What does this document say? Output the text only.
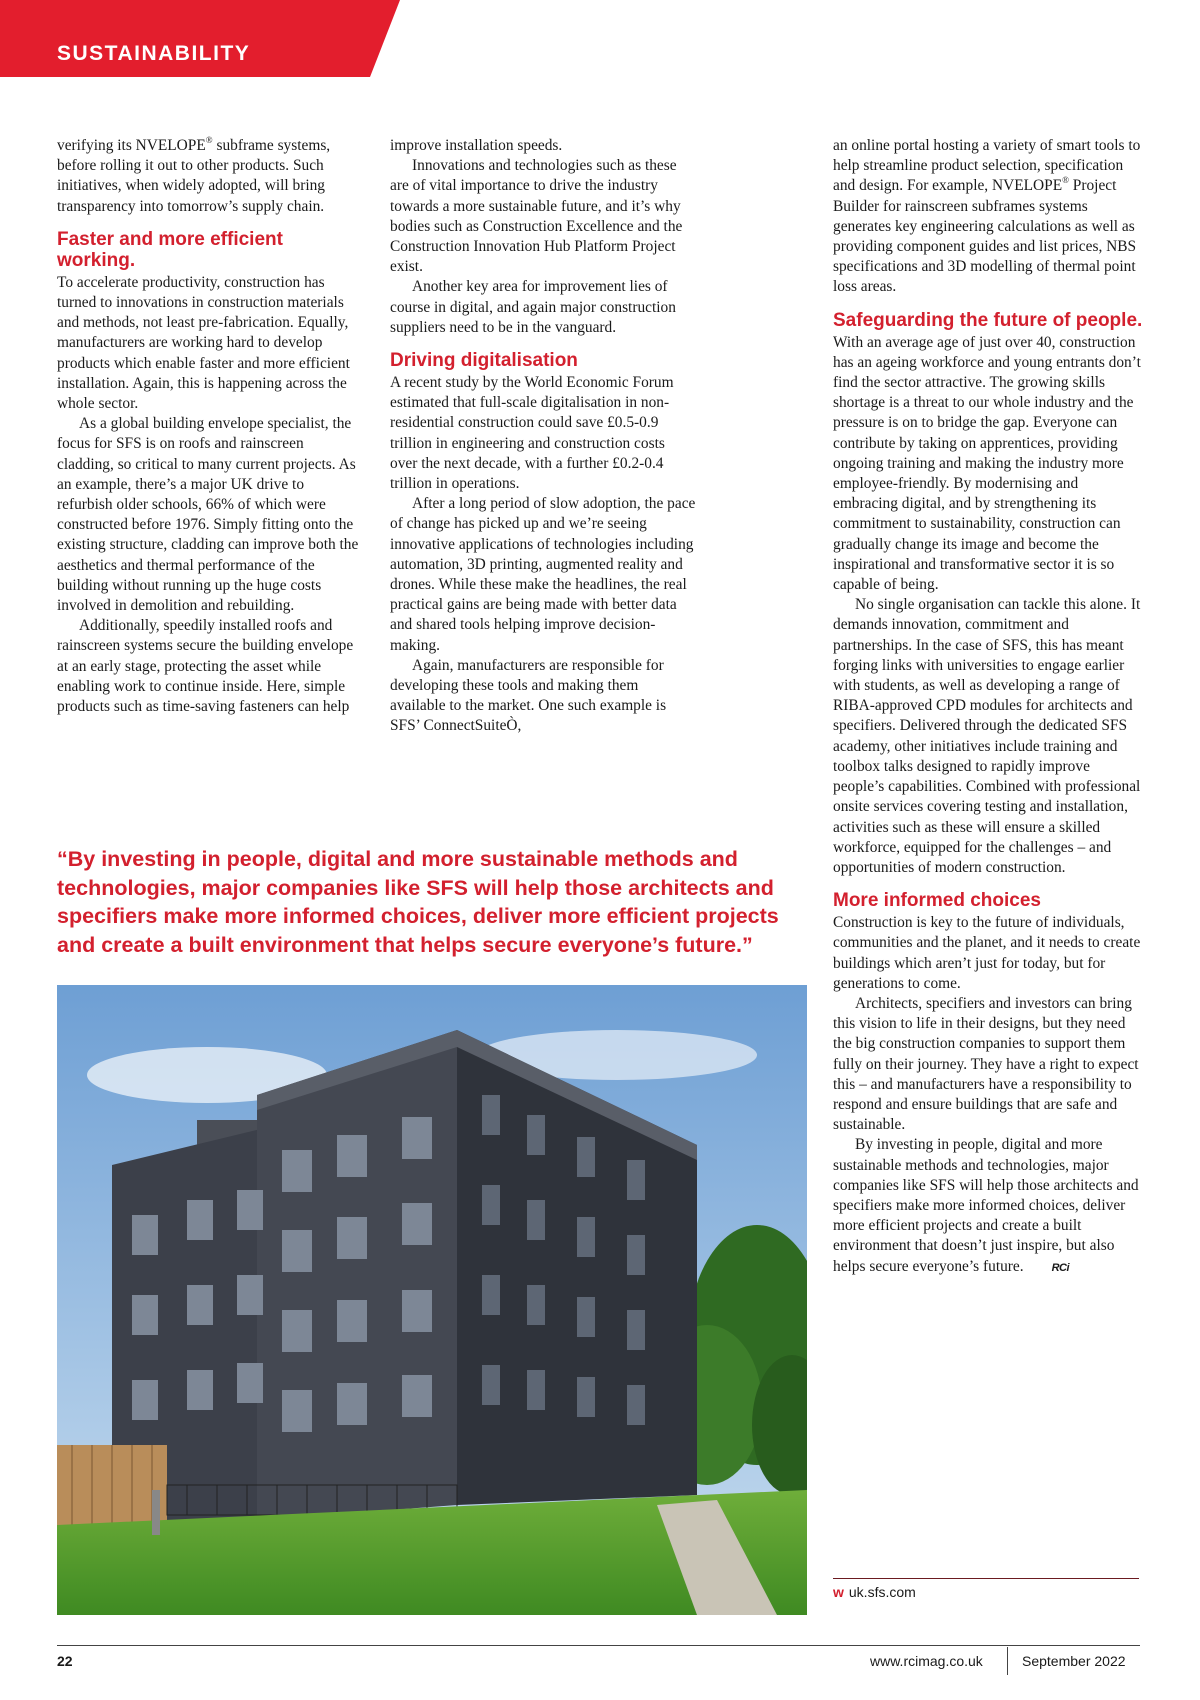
SUSTAINABILITY

verifying its NVELOPE® subframe systems, before rolling it out to other products. Such initiatives, when widely adopted, will bring transparency into tomorrow’s supply chain.

Faster and more efficient working.

To accelerate productivity, construction has turned to innovations in construction materials and methods, not least pre-fabrication. Equally, manufacturers are working hard to develop products which enable faster and more efficient installation. Again, this is happening across the whole sector.

As a global building envelope specialist, the focus for SFS is on roofs and rainscreen cladding, so critical to many current projects. As an example, there’s a major UK drive to refurbish older schools, 66% of which were constructed before 1976. Simply fitting onto the existing structure, cladding can improve both the aesthetics and thermal performance of the building without running up the huge costs involved in demolition and rebuilding.

Additionally, speedily installed roofs and rainscreen systems secure the building envelope at an early stage, protecting the asset while enabling work to continue inside. Here, simple products such as time-saving fasteners can help

improve installation speeds.

Innovations and technologies such as these are of vital importance to drive the industry towards a more sustainable future, and it’s why bodies such as Construction Excellence and the Construction Innovation Hub Platform Project exist.

Another key area for improvement lies of course in digital, and again major construction suppliers need to be in the vanguard.

Driving digitalisation

A recent study by the World Economic Forum estimated that full-scale digitalisation in non-residential construction could save £0.5-0.9 trillion in engineering and construction costs over the next decade, with a further £0.2-0.4 trillion in operations.

After a long period of slow adoption, the pace of change has picked up and we’re seeing innovative applications of technologies including automation, 3D printing, augmented reality and drones. While these make the headlines, the real practical gains are being made with better data and shared tools helping improve decision-making.

Again, manufacturers are responsible for developing these tools and making them available to the market. One such example is SFS’ ConnectSuiteÒ,

an online portal hosting a variety of smart tools to help streamline product selection, specification and design. For example, NVELOPE® Project Builder for rainscreen subframes systems generates key engineering calculations as well as providing component guides and list prices, NBS specifications and 3D modelling of thermal point loss areas.

Safeguarding the future of people.

With an average age of just over 40, construction has an ageing workforce and young entrants don’t find the sector attractive. The growing skills shortage is a threat to our whole industry and the pressure is on to bridge the gap. Everyone can contribute by taking on apprentices, providing ongoing training and making the industry more employee-friendly. By modernising and embracing digital, and by strengthening its commitment to sustainability, construction can gradually change its image and become the inspirational and transformative sector it is so capable of being.

No single organisation can tackle this alone. It demands innovation, commitment and partnerships. In the case of SFS, this has meant forging links with universities to engage earlier with students, as well as developing a range of RIBA-approved CPD modules for architects and specifiers. Delivered through the dedicated SFS academy, other initiatives include training and toolbox talks designed to rapidly improve people’s capabilities. Combined with professional onsite services covering testing and installation, activities such as these will ensure a skilled workforce, equipped for the challenges – and opportunities of modern construction.

More informed choices

Construction is key to the future of individuals, communities and the planet, and it needs to create buildings which aren’t just for today, but for generations to come.

Architects, specifiers and investors can bring this vision to life in their designs, but they need the big construction companies to support them fully on their journey. They have a right to expect this – and manufacturers have a responsibility to respond and ensure buildings that are safe and sustainable.

By investing in people, digital and more sustainable methods and technologies, major companies like SFS will help those architects and specifiers make more informed choices, deliver more efficient projects and create a built environment that doesn’t just inspire, but also helps secure everyone’s future.	RCi

“By investing in people, digital and more sustainable methods and technologies, major companies like SFS will help those architects and specifiers make more informed choices, deliver more efficient projects and create a built environment that helps secure everyone’s future.”

w uk.sfs.com
22	www.rcimag.co.uk	September 2022
